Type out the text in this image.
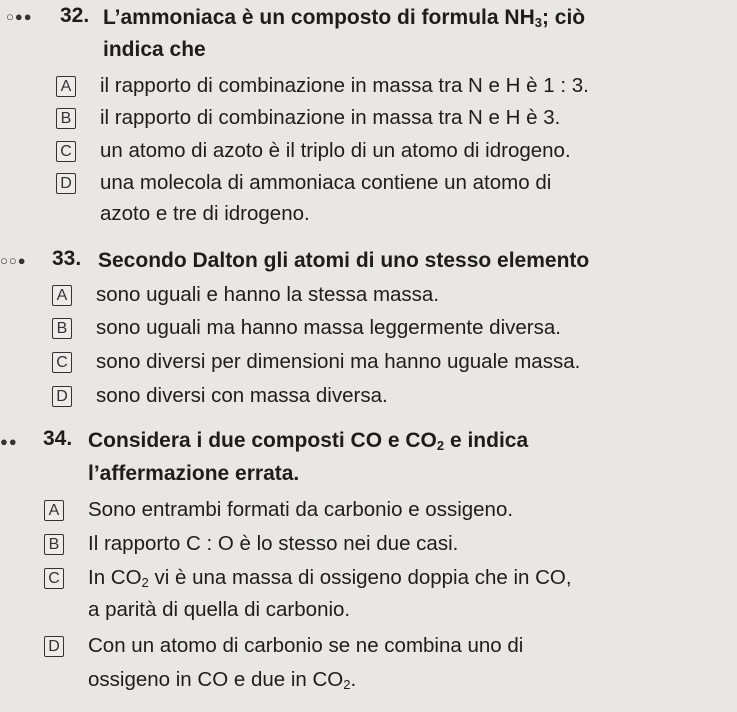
○●● 32. L’ammoniaca è un composto di formula $NH_3$; ciò
indica che
A il rapporto di combinazione in massa tra N e H è 1 : 3.
B il rapporto di combinazione in massa tra N e H è 3.
C un atomo di azoto è il triplo di un atomo di idrogeno.
D una molecola di ammoniaca contiene un atomo di
azoto e tre di idrogeno.
○○● 33. Secondo Dalton gli atomi di uno stesso elemento
A sono uguali e hanno la stessa massa.
B sono uguali ma hanno massa leggermente diversa.
C sono diversi per dimensioni ma hanno uguale massa.
D sono diversi con massa diversa.
●● 34. Considera i due composti CO e $CO_2$ e indica
l’affermazione errata.
A Sono entrambi formati da carbonio e ossigeno.
B Il rapporto C : O è lo stesso nei due casi.
C In $CO_2$ vi è una massa di ossigeno doppia che in CO,
a parità di quella di carbonio.
D Con un atomo di carbonio se ne combina uno di
ossigeno in CO e due in $CO_2$.
